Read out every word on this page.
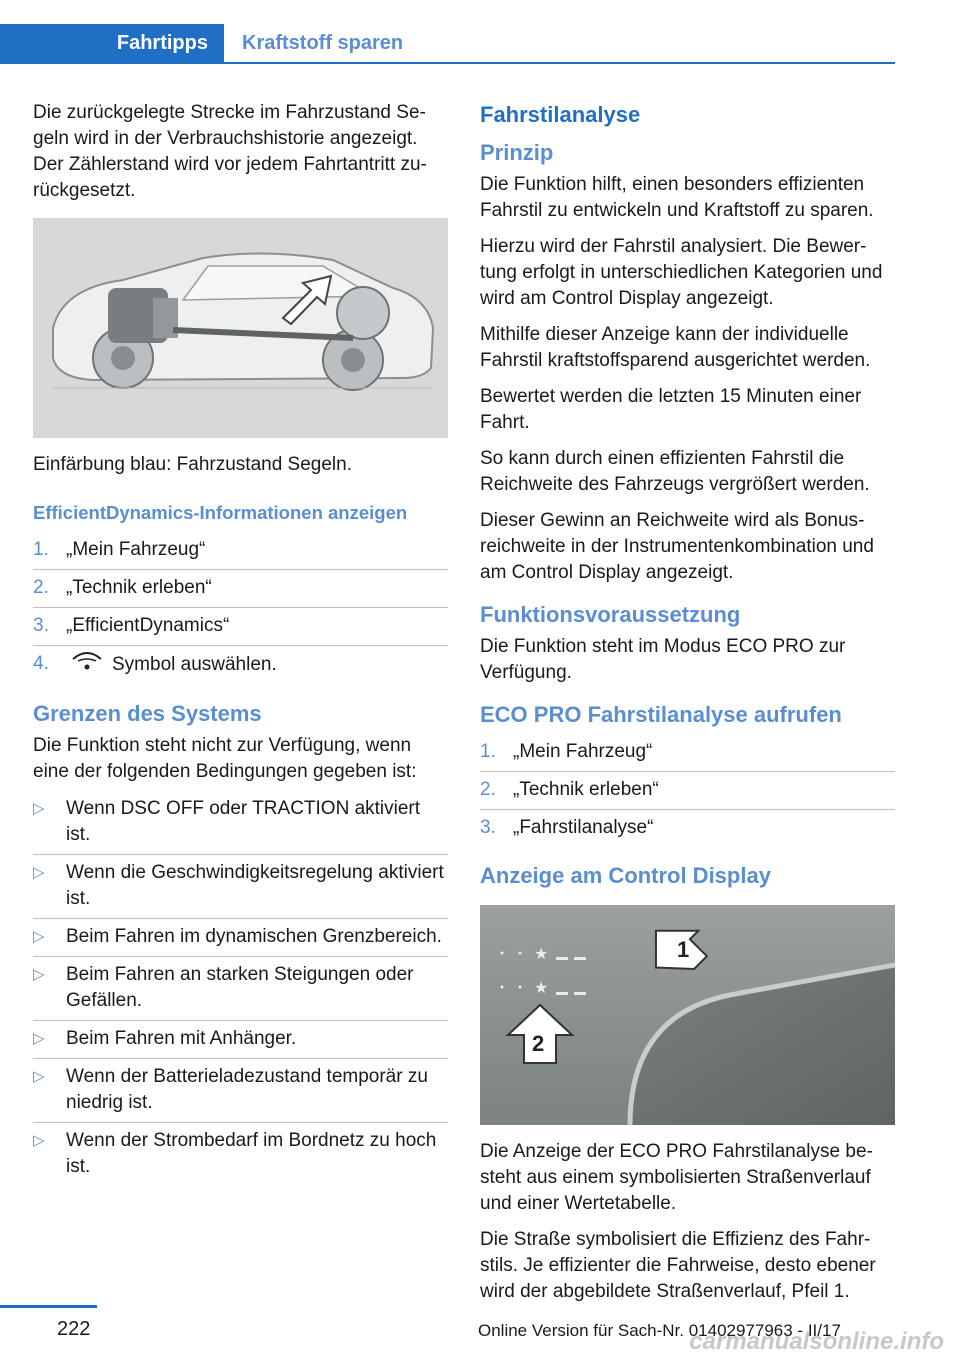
Fahrtipps	Kraftstoff sparen

Die zurückgelegte Strecke im Fahrzustand Segeln wird in der Verbrauchshistorie angezeigt. Der Zählerstand wird vor jedem Fahrtantritt zurückgesetzt.

Einfärbung blau: Fahrzustand Segeln.

EfficientDynamics-Informationen anzeigen
1. „Mein Fahrzeug“
2. „Technik erleben“
3. „EfficientDynamics“
4.	Symbol auswählen.
Grenzen des Systems

Die Funktion steht nicht zur Verfügung, wenn eine der folgenden Bedingungen gegeben ist:

▷ Wenn DSC OFF oder TRACTION aktiviert ist.
▷ Wenn die Geschwindigkeitsregelung aktiviert ist.
▷ Beim Fahren im dynamischen Grenzbereich.
▷ Beim Fahren an starken Steigungen oder Gefällen.
▷ Beim Fahren mit Anhänger.
▷ Wenn der Batterieladezustand temporär zu niedrig ist.
▷ Wenn der Strombedarf im Bordnetz zu hoch ist.
Fahrstilanalyse
Prinzip

Die Funktion hilft, einen besonders effizienten Fahrstil zu entwickeln und Kraftstoff zu sparen.

Hierzu wird der Fahrstil analysiert. Die Bewertung erfolgt in unterschiedlichen Kategorien und wird am Control Display angezeigt.

Mithilfe dieser Anzeige kann der individuelle Fahrstil kraftstoffsparend ausgerichtet werden.

Bewertet werden die letzten 15 Minuten einer Fahrt.

So kann durch einen effizienten Fahrstil die Reichweite des Fahrzeugs vergrößert werden.

Dieser Gewinn an Reichweite wird als Bonusreichweite in der Instrumentenkombination und am Control Display angezeigt.

Funktionsvoraussetzung

Die Funktion steht im Modus ECO PRO zur Verfügung.

ECO PRO Fahrstilanalyse aufrufen
1. „Mein Fahrzeug“
2. „Technik erleben“
3. „Fahrstilanalyse“
Anzeige am Control Display
★
★
1
2

Die Anzeige der ECO PRO Fahrstilanalyse besteht aus einem symbolisierten Straßenverlauf und einer Wertetabelle.

Die Straße symbolisiert die Effizienz des Fahrstils. Je effizienter die Fahrweise, desto ebener wird der abgebildete Straßenverlauf, Pfeil 1.

222	Online Version für Sach-Nr. 01402977963 - II/17
carmanualsonline.info
